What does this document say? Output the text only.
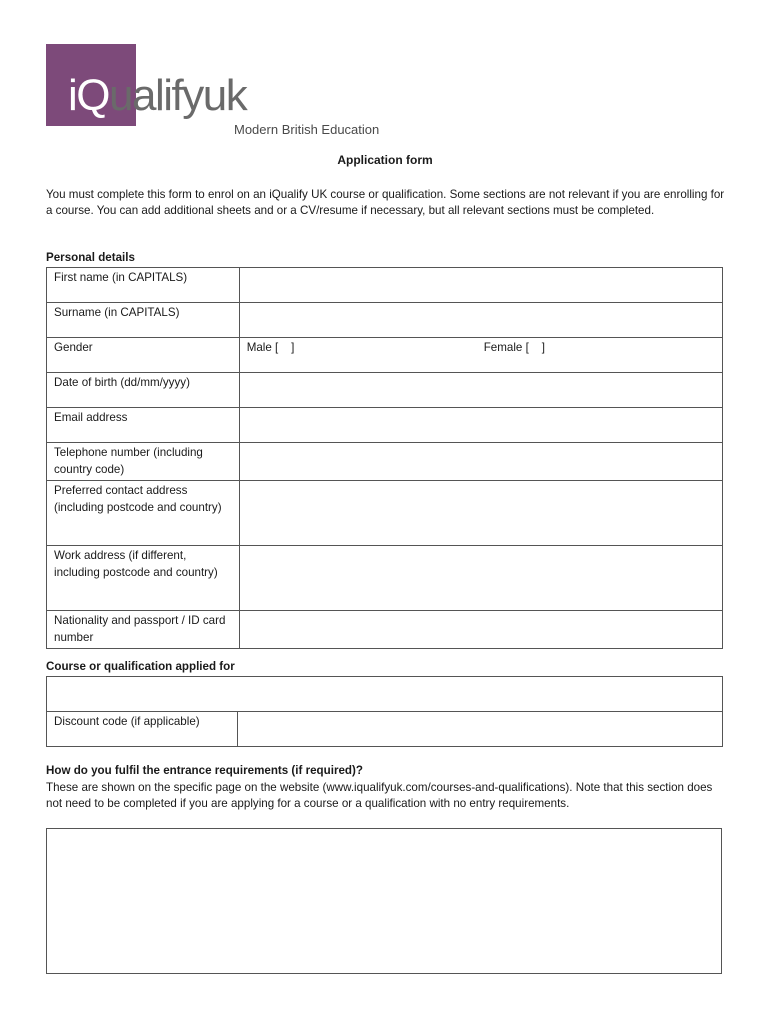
iQualifyuk
Modern British Education
Application form
You must complete this form to enrol on an iQualify UK course or qualification. Some sections are not relevant if you are enrolling for a course. You can add additional sheets and or a CV/resume if necessary, but all relevant sections must be completed.
Personal details
First name (in CAPITALS)	
Surname (in CAPITALS)	
Gender	Male [    ] Female [    ]

Date of birth (dd/mm/yyyy)	
Email address	
Telephone number (including country code)	
Preferred contact address (including postcode and country)	
Work address (if different, including postcode and country)	
Nationality and passport / ID card number	
Course or qualification applied for

Discount code (if applicable)	
How do you fulfil the entrance requirements (if required)?
These are shown on the specific page on the website (www.iqualifyuk.com/courses-and-qualifications). Note that this section does not need to be completed if you are applying for a course or a qualification with no entry requirements.
